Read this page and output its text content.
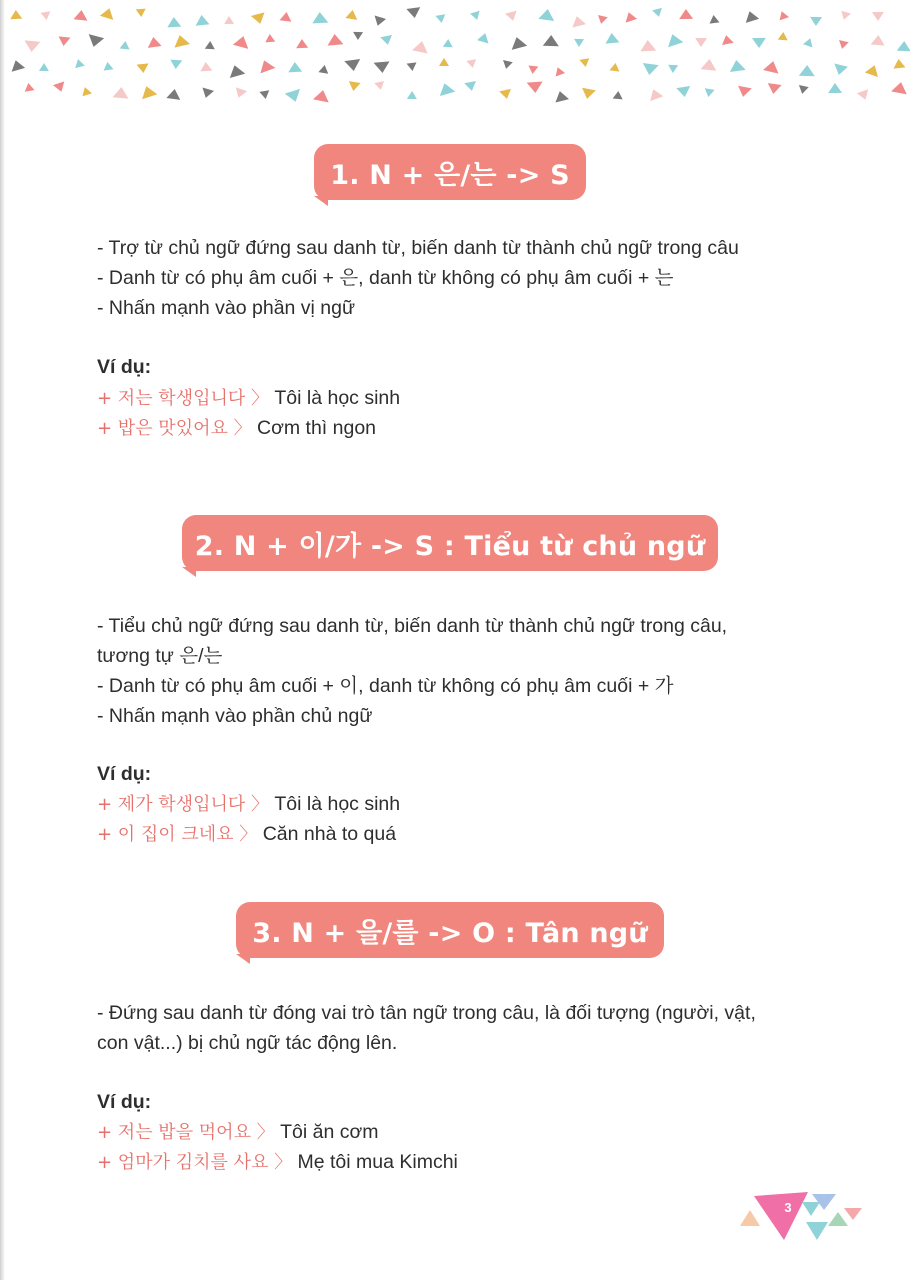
1. N + 은/는 -> S
- Trợ từ chủ ngữ đứng sau danh từ, biến danh từ thành chủ ngữ trong câu
- Danh từ có phụ âm cuối + 은, danh từ không có phụ âm cuối + 는
- Nhấn mạnh vào phần vị ngữ
Ví dụ:
+ 저는 학생입니다 〉 Tôi là học sinh
+ 밥은 맛있어요 〉 Cơm thì ngon
2. N + 이/가 -> S : Tiểu từ chủ ngữ
- Tiểu chủ ngữ đứng sau danh từ, biến danh từ thành chủ ngữ trong câu,
tương tự 은/는
- Danh từ có phụ âm cuối + 이, danh từ không có phụ âm cuối + 가
- Nhấn mạnh vào phần chủ ngữ
Ví dụ:
+ 제가 학생입니다 〉 Tôi là học sinh
+ 이 집이 크네요 〉 Căn nhà to quá
3. N + 을/를 -> O : Tân ngữ
- Đứng sau danh từ đóng vai trò tân ngữ trong câu, là đối tượng (người, vật,
con vật...) bị chủ ngữ tác động lên.
Ví dụ:
+ 저는 밥을 먹어요 〉 Tôi ăn cơm
+ 엄마가 김치를 사요 〉 Mẹ tôi mua Kimchi
3
